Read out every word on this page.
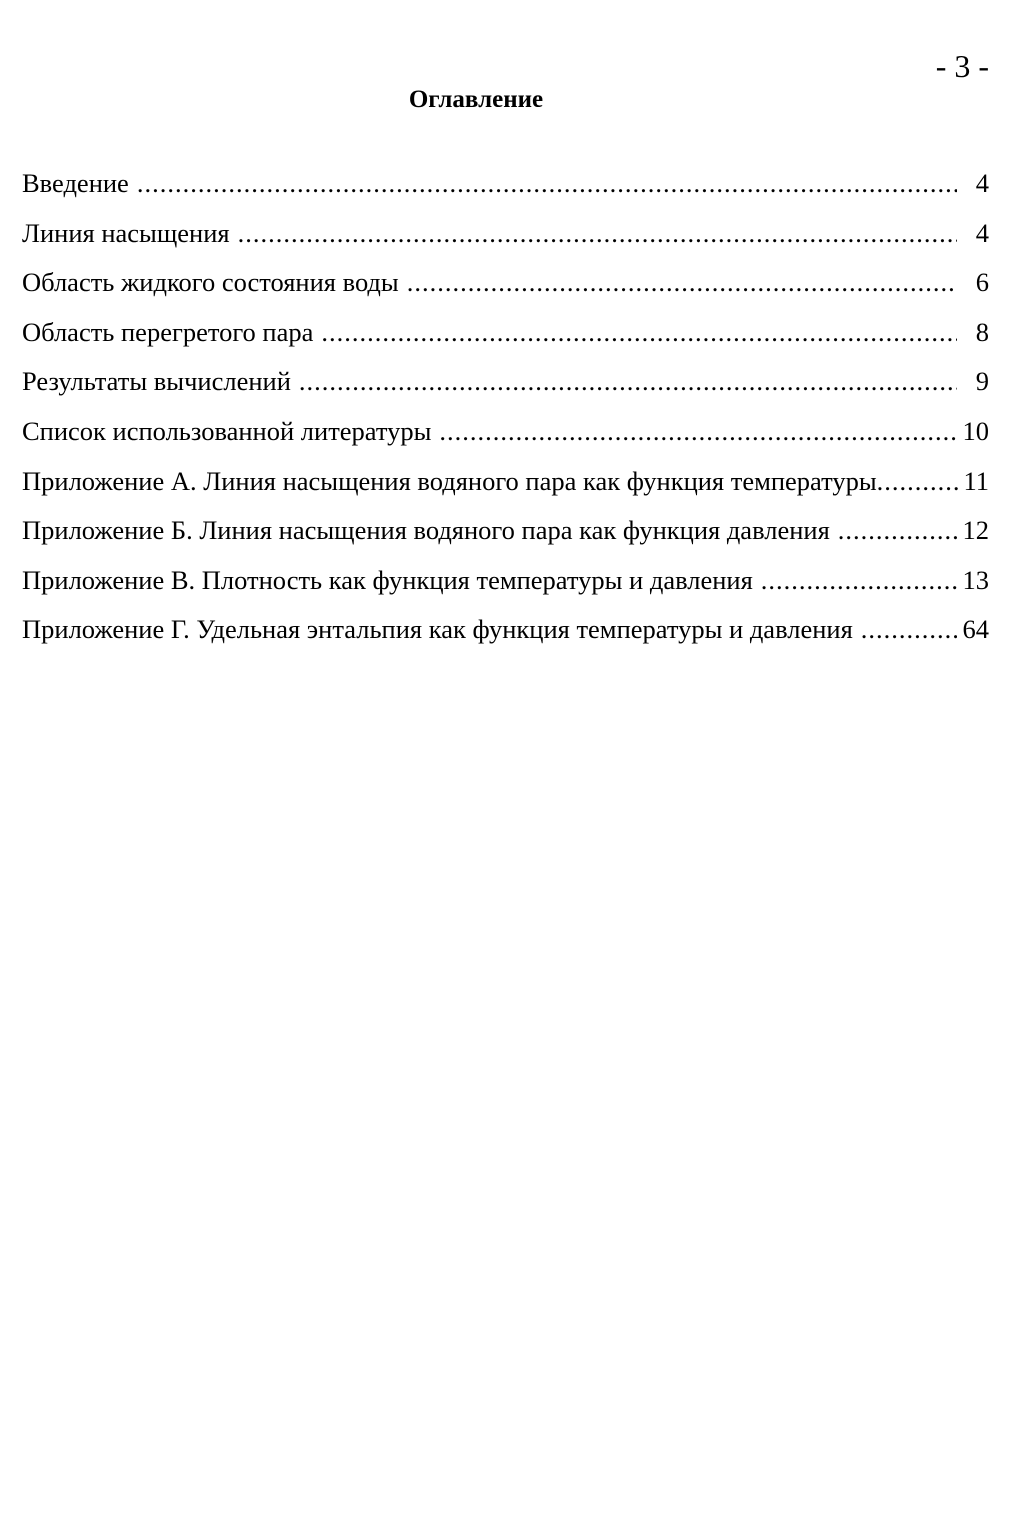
- 3 -
Оглавление
Введение .....	4
Линия насыщения .....	4
Область жидкого состояния воды .....	6
Область перегретого пара .....	8
Результаты вычислений .....	9
Список использованной литературы .....	10
Приложение А. Линия насыщения водяного пара как функция температуры .....	11
Приложение Б. Линия насыщения водяного пара как функция давления .....	12
Приложение В. Плотность как функция температуры и давления .....	13
Приложение Г. Удельная энтальпия как функция температуры и давления .....	64
